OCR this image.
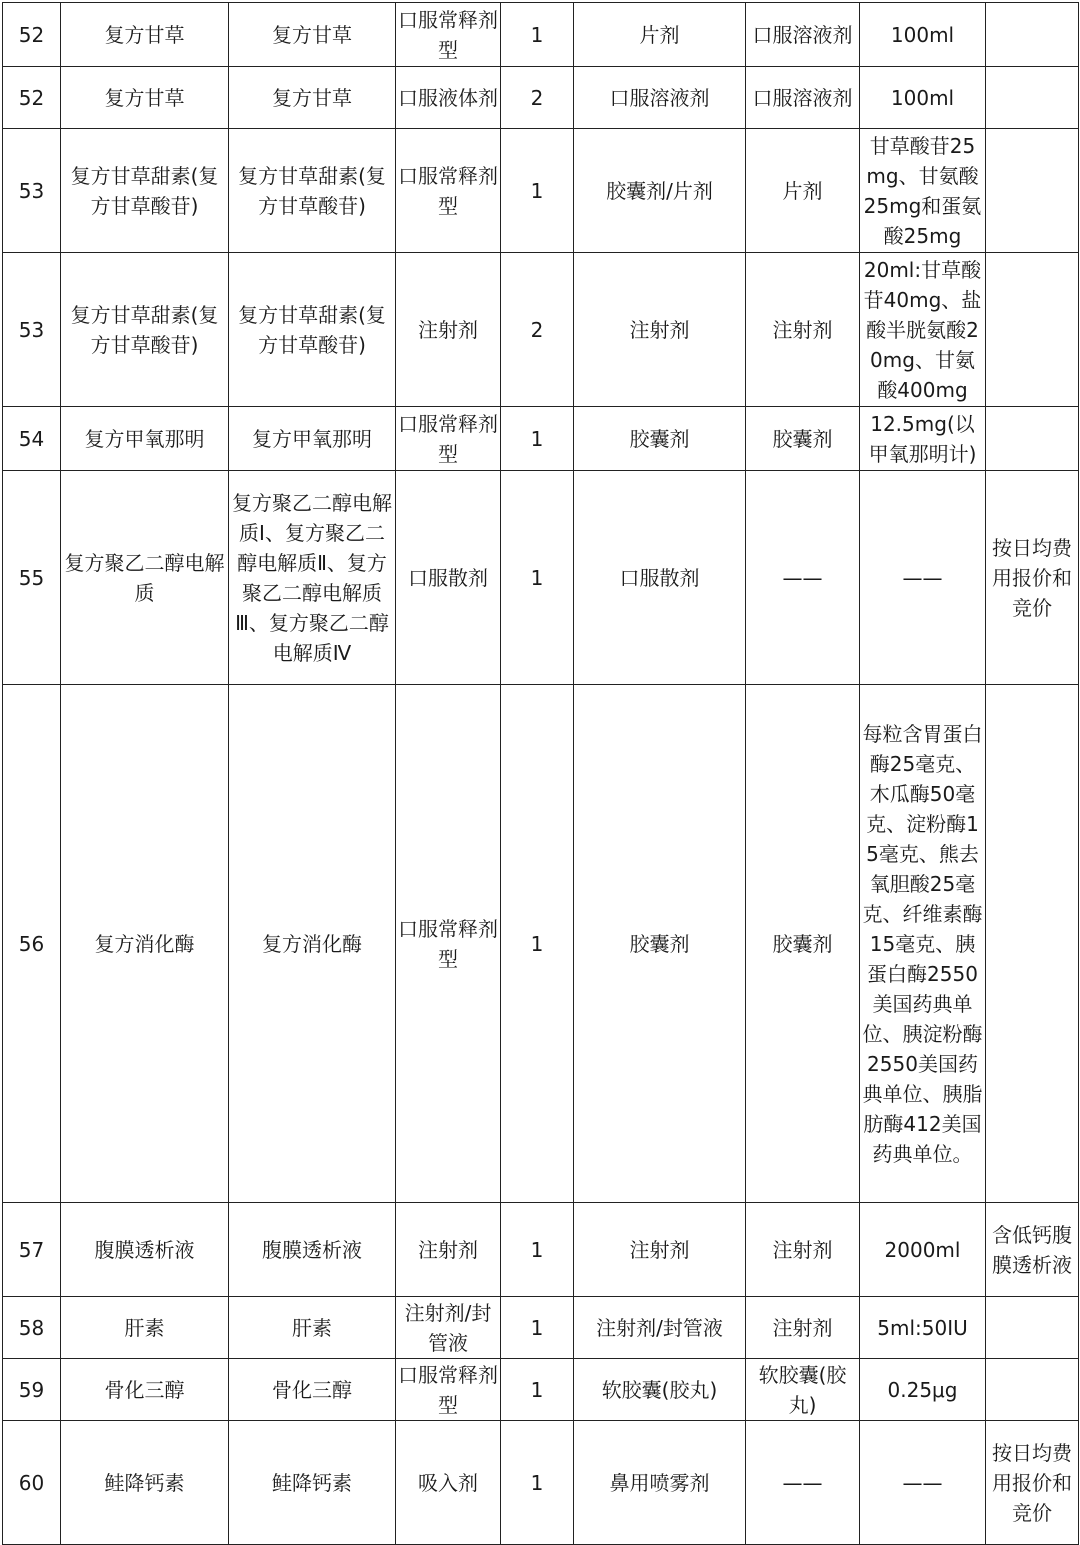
52	复方甘草	复方甘草	口服常释剂型	1	片剂	口服溶液剂	100ml	
52	复方甘草	复方甘草	口服液体剂	2	口服溶液剂	口服溶液剂	100ml	
53	复方甘草甜素(复方甘草酸苷)	复方甘草甜素(复方甘草酸苷)	口服常释剂型	1	胶囊剂/片剂	片剂	甘草酸苷25mg、甘氨酸25mg和蛋氨酸25mg	
53	复方甘草甜素(复方甘草酸苷)	复方甘草甜素(复方甘草酸苷)	注射剂	2	注射剂	注射剂	20ml:甘草酸苷40mg、盐酸半胱氨酸20mg、甘氨酸400mg	
54	复方甲氧那明	复方甲氧那明	口服常释剂型	1	胶囊剂	胶囊剂	12.5mg(以甲氧那明计)	
55	复方聚乙二醇电解质	复方聚乙二醇电解质Ⅰ、复方聚乙二醇电解质Ⅱ、复方聚乙二醇电解质Ⅲ、复方聚乙二醇电解质Ⅳ	口服散剂	1	口服散剂	——	——	按日均费用报价和竞价
56	复方消化酶	复方消化酶	口服常释剂型	1	胶囊剂	胶囊剂	每粒含胃蛋白酶25毫克、木瓜酶50毫克、淀粉酶15毫克、熊去氧胆酸25毫克、纤维素酶15毫克、胰蛋白酶2550美国药典单位、胰淀粉酶2550美国药典单位、胰脂肪酶412美国药典单位。	
57	腹膜透析液	腹膜透析液	注射剂	1	注射剂	注射剂	2000ml	含低钙腹膜透析液
58	肝素	肝素	注射剂/封管液	1	注射剂/封管液	注射剂	5ml:50IU	
59	骨化三醇	骨化三醇	口服常释剂型	1	软胶囊(胶丸)	软胶囊(胶丸)	0.25μg	
60	鲑降钙素	鲑降钙素	吸入剂	1	鼻用喷雾剂	——	——	按日均费用报价和竞价
